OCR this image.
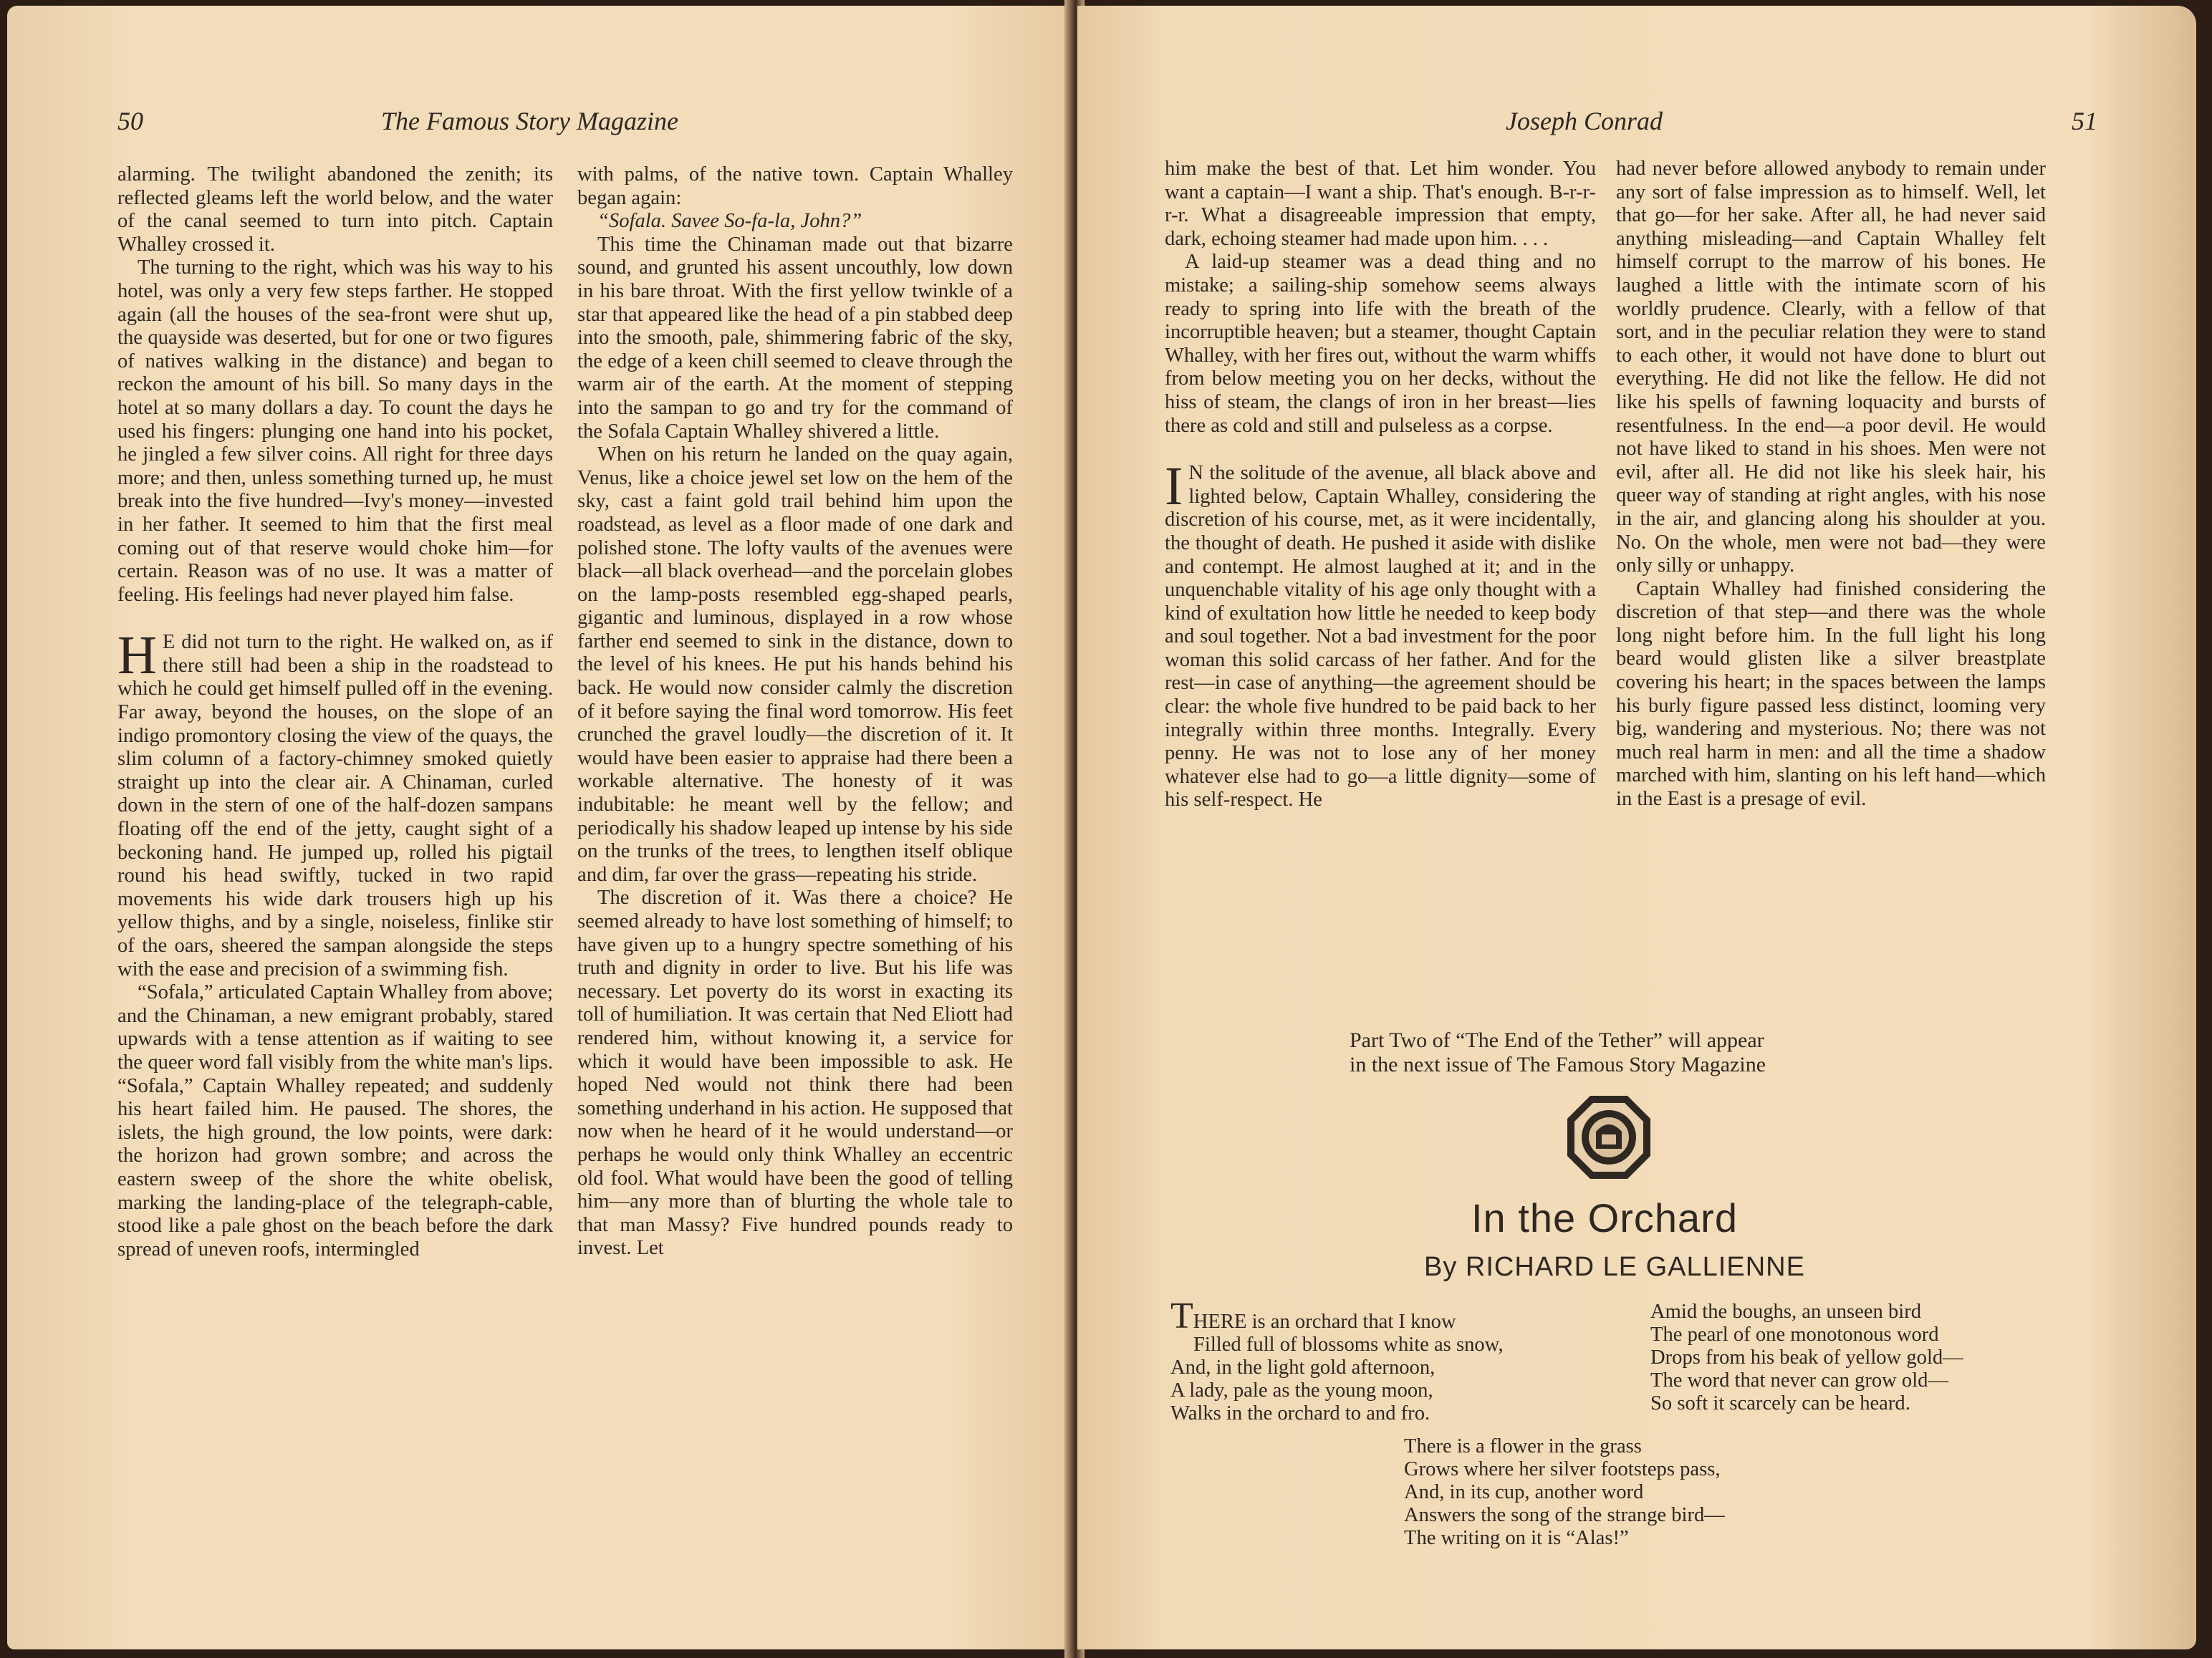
50	The Famous Story Magazine

alarming. The twilight abandoned the zenith; its reflected gleams left the world below, and the water of the canal seemed to turn into pitch. Captain Whalley crossed it.

The turning to the right, which was his way to his hotel, was only a very few steps farther. He stopped again (all the houses of the sea-front were shut up, the quayside was deserted, but for one or two figures of natives walking in the distance) and began to reckon the amount of his bill. So many days in the hotel at so many dollars a day. To count the days he used his fingers: plunging one hand into his pocket, he jingled a few silver coins. All right for three days more; and then, unless something turned up, he must break into the five hundred—Ivy's money—invested in her father. It seemed to him that the first meal coming out of that reserve would choke him—for certain. Reason was of no use. It was a matter of feeling. His feelings had never played him false.

H E did not turn to the right. He walked on, as if there still had been a ship in the roadstead to which he could get himself pulled off in the evening. Far away, beyond the houses, on the slope of an indigo promontory closing the view of the quays, the slim column of a factory-chimney smoked quietly straight up into the clear air. A Chinaman, curled down in the stern of one of the half-dozen sampans floating off the end of the jetty, caught sight of a beckoning hand. He jumped up, rolled his pigtail round his head swiftly, tucked in two rapid movements his wide dark trousers high up his yellow thighs, and by a single, noiseless, finlike stir of the oars, sheered the sampan alongside the steps with the ease and precision of a swimming fish.

“Sofala,” articulated Captain Whalley from above; and the Chinaman, a new emigrant probably, stared upwards with a tense attention as if waiting to see the queer word fall visibly from the white man's lips. “Sofala,” Captain Whalley repeated; and suddenly his heart failed him. He paused. The shores, the islets, the high ground, the low points, were dark: the horizon had grown sombre; and across the eastern sweep of the shore the white obelisk, marking the landing-place of the telegraph-cable, stood like a pale ghost on the beach before the dark spread of uneven roofs, intermingled

with palms, of the native town. Captain Whalley began again:

“Sofala. Savee So-fa-la, John?”

This time the Chinaman made out that bizarre sound, and grunted his assent uncouthly, low down in his bare throat. With the first yellow twinkle of a star that appeared like the head of a pin stabbed deep into the smooth, pale, shimmering fabric of the sky, the edge of a keen chill seemed to cleave through the warm air of the earth. At the moment of stepping into the sampan to go and try for the command of the Sofala Captain Whalley shivered a little.

When on his return he landed on the quay again, Venus, like a choice jewel set low on the hem of the sky, cast a faint gold trail behind him upon the roadstead, as level as a floor made of one dark and polished stone. The lofty vaults of the avenues were black—all black overhead—and the porcelain globes on the lamp-posts resembled egg-shaped pearls, gigantic and luminous, displayed in a row whose farther end seemed to sink in the distance, down to the level of his knees. He put his hands behind his back. He would now consider calmly the discretion of it before saying the final word tomorrow. His feet crunched the gravel loudly—the discretion of it. It would have been easier to appraise had there been a workable alternative. The honesty of it was indubitable: he meant well by the fellow; and periodically his shadow leaped up intense by his side on the trunks of the trees, to lengthen itself oblique and dim, far over the grass—repeating his stride.

The discretion of it. Was there a choice? He seemed already to have lost something of himself; to have given up to a hungry spectre something of his truth and dignity in order to live. But his life was necessary. Let poverty do its worst in exacting its toll of humiliation. It was certain that Ned Eliott had rendered him, without knowing it, a service for which it would have been impossible to ask. He hoped Ned would not think there had been something underhand in his action. He supposed that now when he heard of it he would understand—or perhaps he would only think Whalley an eccentric old fool. What would have been the good of telling him—any more than of blurting the whole tale to that man Massy? Five hundred pounds ready to invest. Let

Joseph Conrad	51

him make the best of that. Let him wonder. You want a captain—I want a ship. That's enough. B-r-r-r-r. What a disagreeable impression that empty, dark, echoing steamer had made upon him. . . .

A laid-up steamer was a dead thing and no mistake; a sailing-ship somehow seems always ready to spring into life with the breath of the incorruptible heaven; but a steamer, thought Captain Whalley, with her fires out, without the warm whiffs from below meeting you on her decks, without the hiss of steam, the clangs of iron in her breast—lies there as cold and still and pulseless as a corpse.

I N the solitude of the avenue, all black above and lighted below, Captain Whalley, considering the discretion of his course, met, as it were incidentally, the thought of death. He pushed it aside with dislike and contempt. He almost laughed at it; and in the unquenchable vitality of his age only thought with a kind of exultation how little he needed to keep body and soul together. Not a bad investment for the poor woman this solid carcass of her father. And for the rest—in case of anything—the agreement should be clear: the whole five hundred to be paid back to her integrally within three months. Integrally. Every penny. He was not to lose any of her money whatever else had to go—a little dignity—some of his self-respect. He

had never before allowed anybody to remain under any sort of false impression as to himself. Well, let that go—for her sake. After all, he had never said anything misleading—and Captain Whalley felt himself corrupt to the marrow of his bones. He laughed a little with the intimate scorn of his worldly prudence. Clearly, with a fellow of that sort, and in the peculiar relation they were to stand to each other, it would not have done to blurt out everything. He did not like the fellow. He did not like his spells of fawning loquacity and bursts of resentfulness. In the end—a poor devil. He would not have liked to stand in his shoes. Men were not evil, after all. He did not like his sleek hair, his queer way of standing at right angles, with his nose in the air, and glancing along his shoulder at you. No. On the whole, men were not bad—they were only silly or unhappy.

Captain Whalley had finished considering the discretion of that step—and there was the whole long night before him. In the full light his long beard would glisten like a silver breastplate covering his heart; in the spaces between the lamps his burly figure passed less distinct, looming very big, wandering and mysterious. No; there was not much real harm in men: and all the time a shadow marched with him, slanting on his left hand—which in the East is a presage of evil.

Part Two of “The End of the Tether” will appear
in the next issue of The Famous Story Magazine
In the Orchard
By RICHARD LE GALLIENNE
THERE is an orchard that I know
Filled full of blossoms white as snow,
And, in the light gold afternoon,
A lady, pale as the young moon,
Walks in the orchard to and fro.
Amid the boughs, an unseen bird
The pearl of one monotonous word
Drops from his beak of yellow gold—
The word that never can grow old—
So soft it scarcely can be heard.
There is a flower in the grass
Grows where her silver footsteps pass,
And, in its cup, another word
Answers the song of the strange bird—
The writing on it is “Alas!”
